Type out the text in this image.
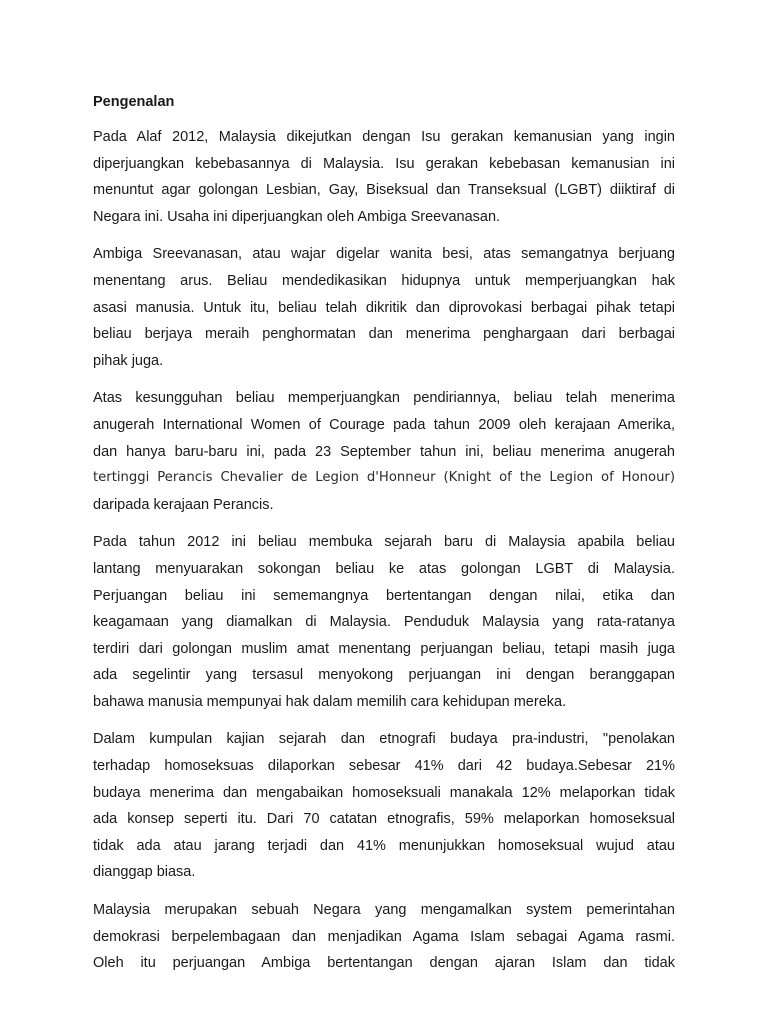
Pengenalan
Pada Alaf 2012, Malaysia dikejutkan dengan Isu gerakan kemanusian yang ingin
diperjuangkan kebebasannya di Malaysia. Isu gerakan kebebasan kemanusian ini
menuntut agar golongan Lesbian, Gay, Biseksual dan Transeksual (LGBT) diiktiraf di
Negara ini. Usaha ini diperjuangkan oleh Ambiga Sreevanasan.
Ambiga Sreevanasan, atau wajar digelar wanita besi, atas semangatnya berjuang
menentang arus. Beliau mendedikasikan hidupnya untuk memperjuangkan hak
asasi manusia. Untuk itu, beliau telah dikritik dan diprovokasi berbagai pihak tetapi
beliau berjaya meraih penghormatan dan menerima penghargaan dari berbagai
pihak juga.
Atas kesungguhan beliau memperjuangkan pendiriannya, beliau telah menerima
anugerah International Women of Courage pada tahun 2009 oleh kerajaan Amerika,
dan hanya baru-baru ini, pada 23 September tahun ini, beliau menerima anugerah
tertinggi Perancis Chevalier de Legion d'Honneur (Knight of the Legion of Honour)
daripada kerajaan Perancis.
Pada tahun 2012 ini beliau membuka sejarah baru di Malaysia apabila beliau
lantang menyuarakan sokongan beliau ke atas golongan LGBT di Malaysia.
Perjuangan beliau ini sememangnya bertentangan dengan nilai, etika dan
keagamaan yang diamalkan di Malaysia. Penduduk Malaysia yang rata-ratanya
terdiri dari golongan muslim amat menentang perjuangan beliau, tetapi masih juga
ada segelintir yang tersasul menyokong perjuangan ini dengan beranggapan
bahawa manusia mempunyai hak dalam memilih cara kehidupan mereka.
Dalam kumpulan kajian sejarah dan etnografi budaya pra-industri, "penolakan
terhadap homoseksuas dilaporkan sebesar 41% dari 42 budaya.Sebesar 21%
budaya menerima dan mengabaikan homoseksuali manakala 12% melaporkan tidak
ada konsep seperti itu. Dari 70 catatan etnografis, 59% melaporkan homoseksual
tidak ada atau jarang terjadi dan 41% menunjukkan homoseksual wujud atau
dianggap biasa.
Malaysia merupakan sebuah Negara yang mengamalkan system pemerintahan
demokrasi berpelembagaan dan menjadikan Agama Islam sebagai Agama rasmi.
Oleh itu perjuangan Ambiga bertentangan dengan ajaran Islam dan tidak
